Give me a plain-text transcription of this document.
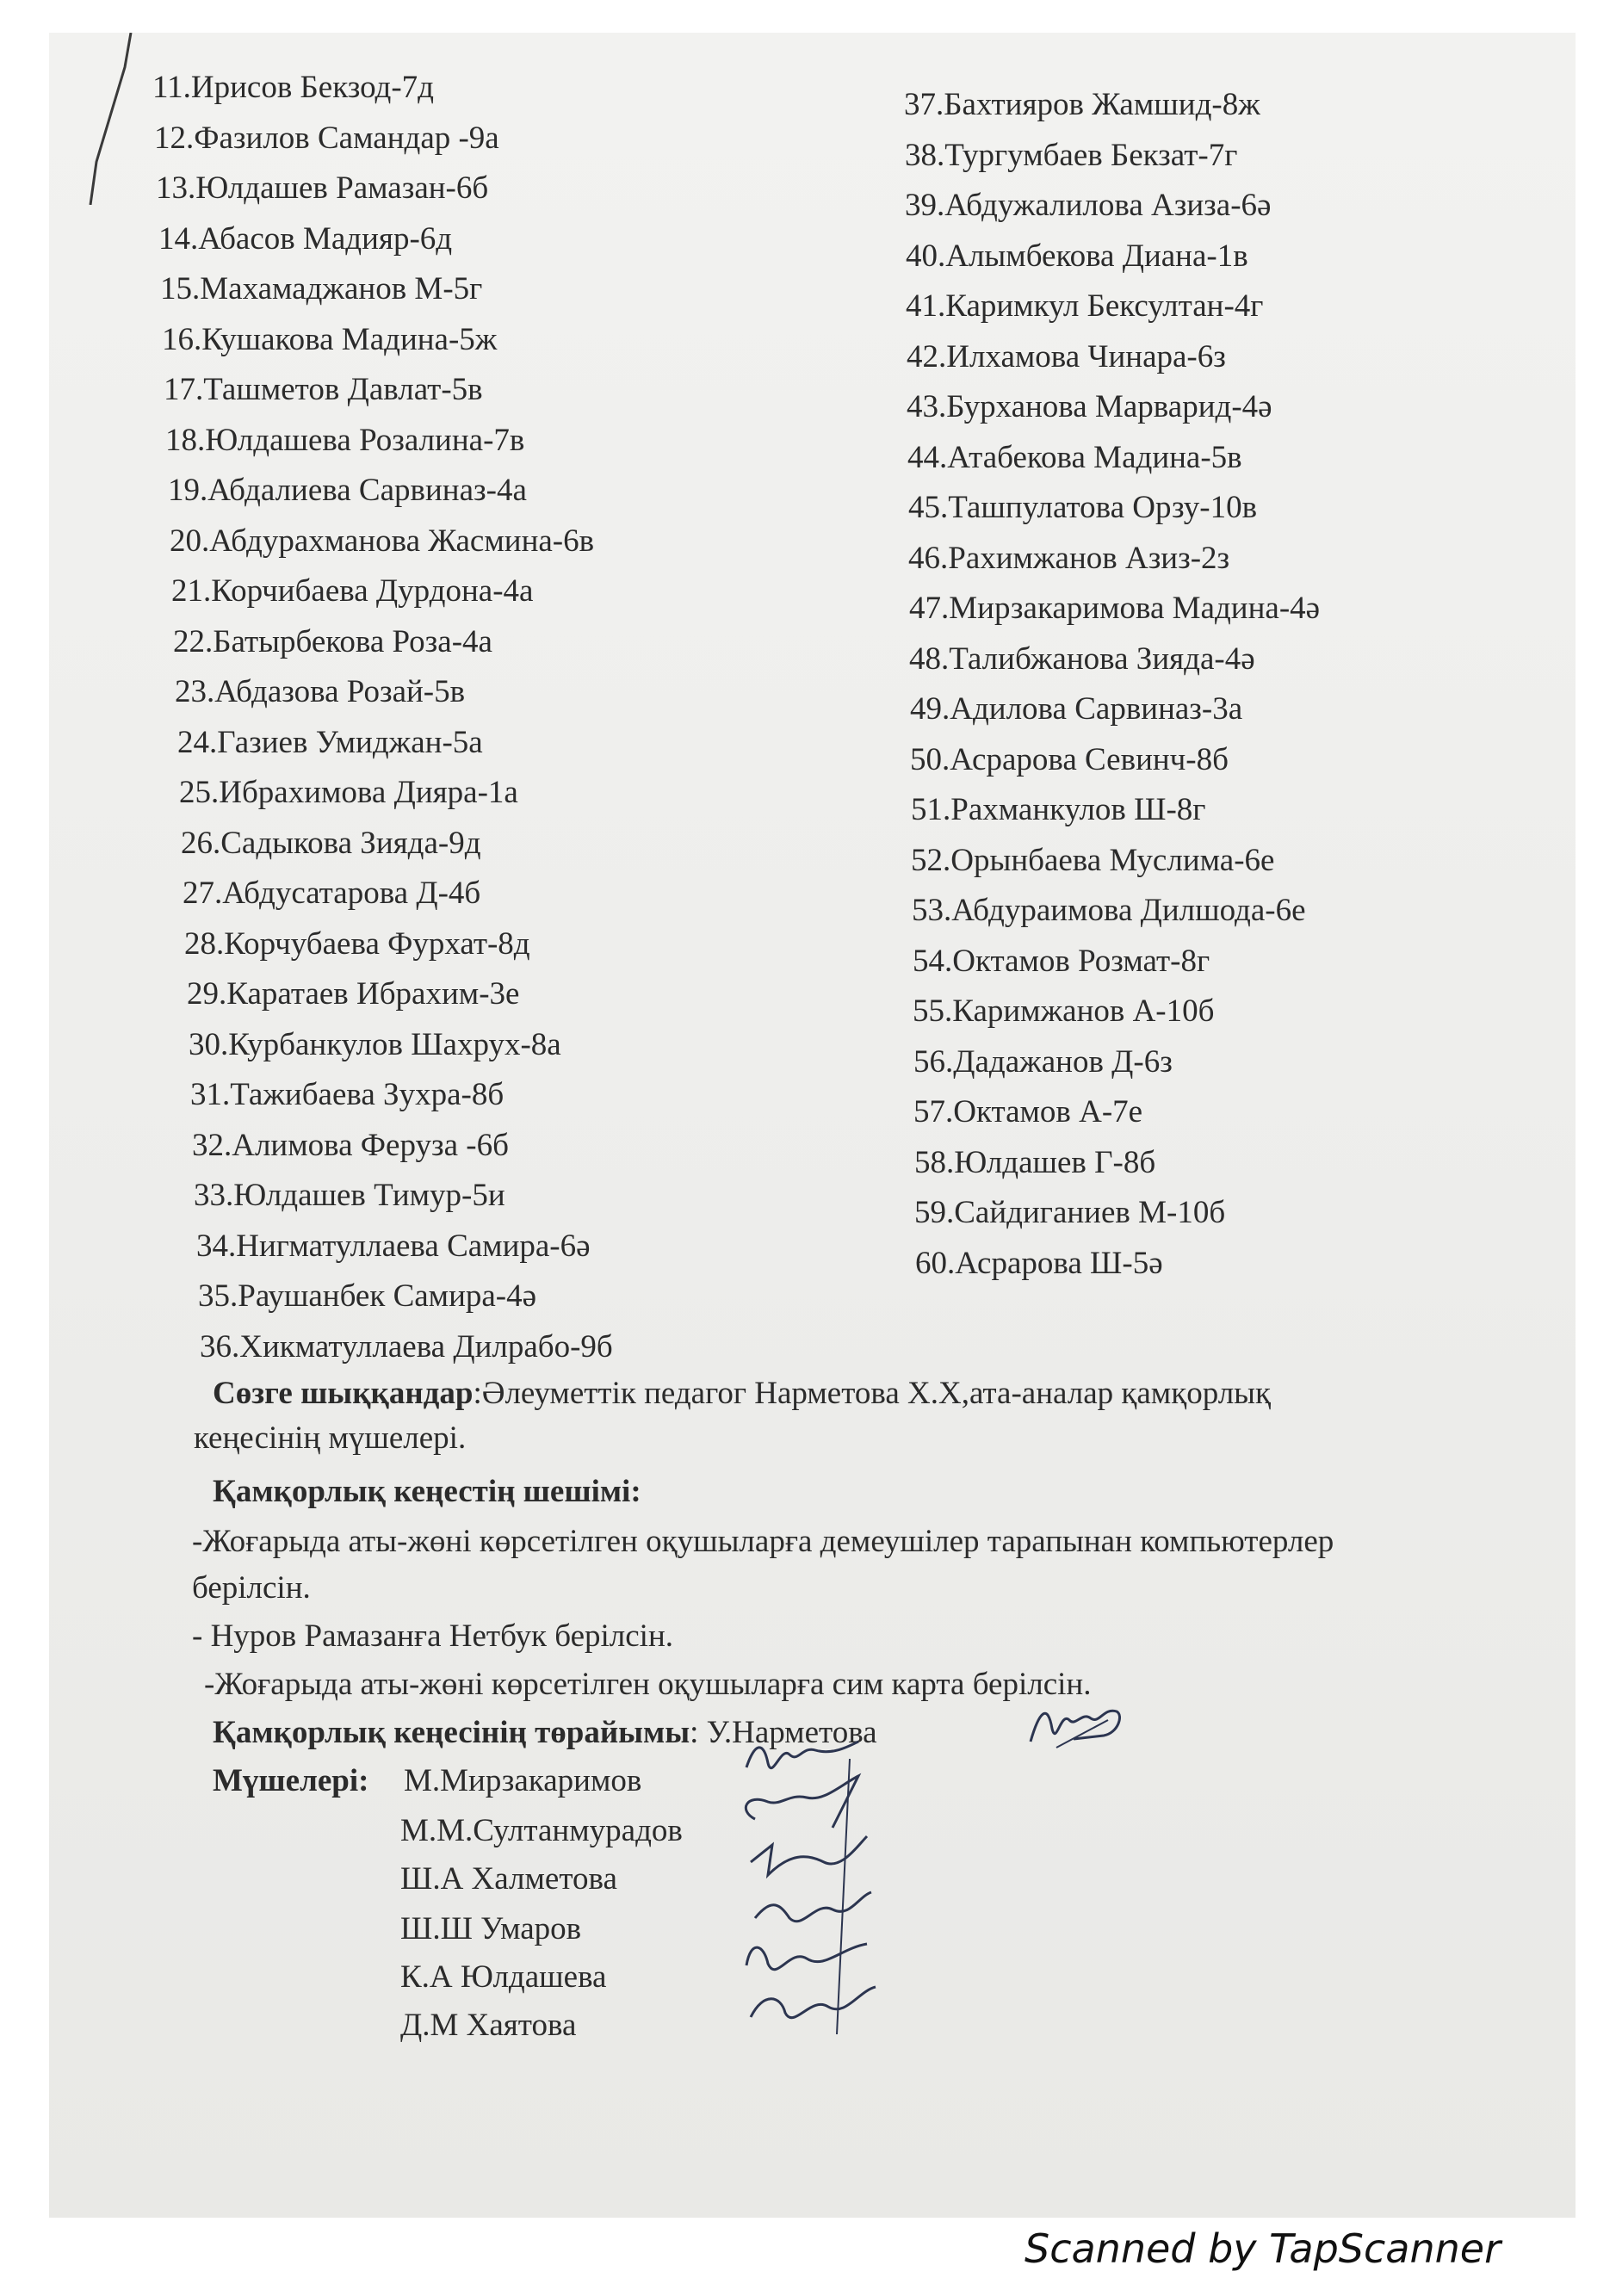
11.Ирисов Бекзод-7д
12.Фазилов Самандар -9а
13.Юлдашев Рамазан-6б
14.Абасов Мадияр-6д
15.Махамаджанов М-5г
16.Кушакова Мадина-5ж
17.Ташметов Давлат-5в
18.Юлдашева Розалина-7в
19.Абдалиева Сарвиназ-4а
20.Абдурахманова Жасмина-6в
21.Корчибаева Дурдона-4а
22.Батырбекова Роза-4а
23.Абдазова Розай-5в
24.Газиев Умиджан-5а
25.Ибрахимова Дияра-1а
26.Садыкова Зияда-9д
27.Абдусатарова Д-4б
28.Корчубаева Фурхат-8д
29.Каратаев Ибрахим-3е
30.Курбанкулов Шахрух-8а
31.Тажибаева Зухра-8б
32.Алимова Феруза -6б
33.Юлдашев Тимур-5и
34.Нигматуллаева Самира-6ә
35.Раушанбек Самира-4ә
36.Хикматуллаева Дилрабо-9б
37.Бахтияров Жамшид-8ж
38.Тургумбаев Бекзат-7г
39.Абдужалилова Азиза-6ә
40.Алымбекова Диана-1в
41.Каримкул Бексултан-4г
42.Илхамова Чинара-6з
43.Бурханова Марварид-4ә
44.Атабекова Мадина-5в
45.Ташпулатова Орзу-10в
46.Рахимжанов Азиз-2з
47.Мирзакаримова Мадина-4ә
48.Талибжанова Зияда-4ә
49.Адилова Сарвиназ-3а
50.Асрарова Севинч-8б
51.Рахманкулов Ш-8г
52.Орынбаева Муслима-6е
53.Абдураимова Дилшода-6е
54.Октамов Розмат-8г
55.Каримжанов А-10б
56.Дадажанов Д-6з
57.Октамов А-7е
58.Юлдашев Г-8б
59.Сайдиганиев М-10б
60.Асрарова Ш-5ә
Сөзге шыққандар:Әлеуметтік педагог Нарметова Х.Х,ата-аналар қамқорлық
кеңесінің мүшелері.
Қамқорлық кеңестің шешімі:
-Жоғарыда аты-жөні көрсетілген оқушыларға демеушілер тарапынан компьютерлер
берілсін.
- Нуров Рамазанға Нетбук берілсін.
-Жоғарыда аты-жөні көрсетілген оқушыларға сим карта берілсін.
Қамқорлық кеңесінің төрайымы: У.Нарметова
Мүшелері: М.Мирзакаримов
М.М.Султанмурадов
Ш.А Халметова
Ш.Ш Умаров
К.А Юлдашева
Д.М Хаятова
Scanned by TapScanner
